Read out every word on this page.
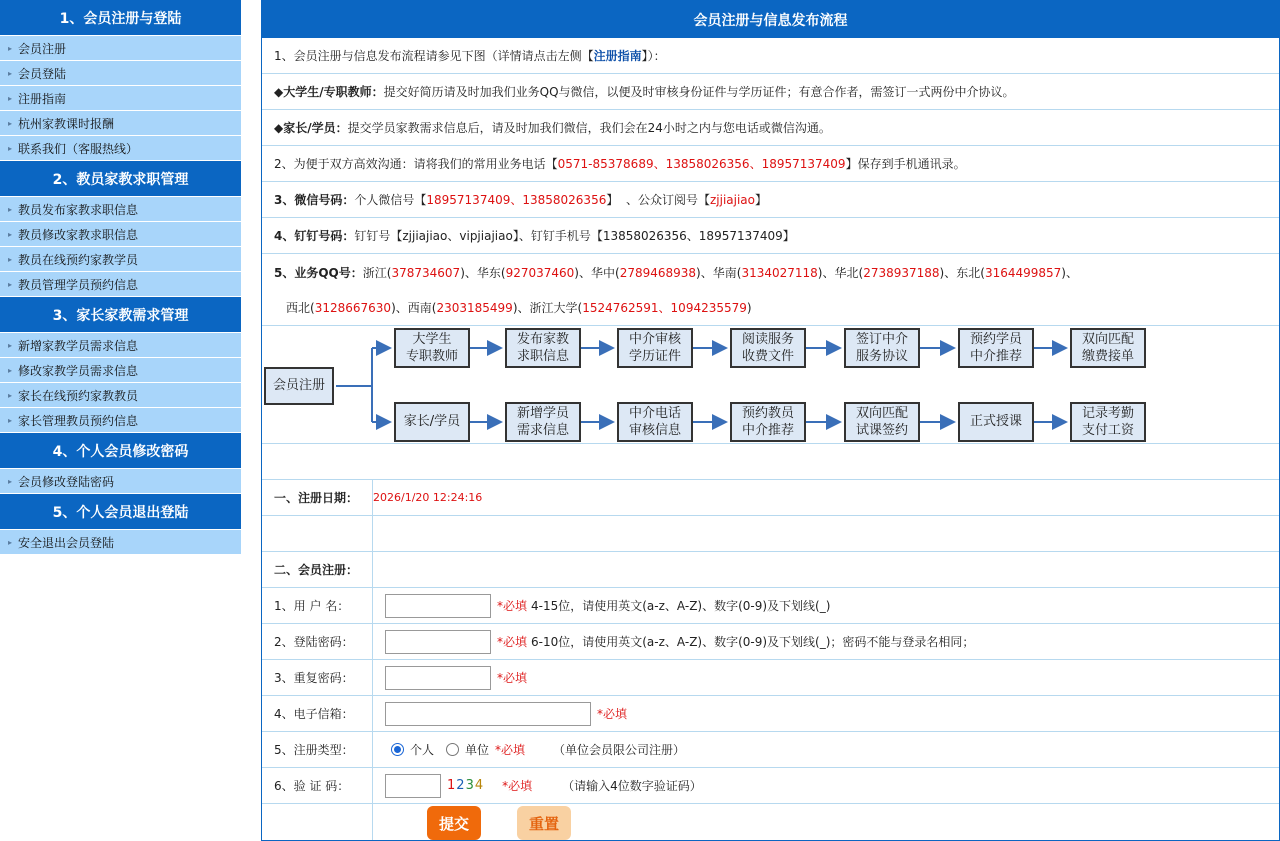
1、会员注册与登陆
▸ 会员注册
▸ 会员登陆
▸ 注册指南
▸ 杭州家教课时报酬
▸ 联系我们（客服热线）
2、教员家教求职管理
▸ 教员发布家教求职信息
▸ 教员修改家教求职信息
▸ 教员在线预约家教学员
▸ 教员管理学员预约信息
3、家长家教需求管理
▸ 新增家教学员需求信息
▸ 修改家教学员需求信息
▸ 家长在线预约家教教员
▸ 家长管理教员预约信息
4、个人会员修改密码
▸ 会员修改登陆密码
5、个人会员退出登陆
▸ 安全退出会员登陆
会员注册与信息发布流程
1、会员注册与信息发布流程请参见下图（详情请点击左侧【 注册指南 】）：
◆大学生/专职教师： 提交好简历请及时加我们业务QQ与微信，以便及时审核身份证件与学历证件；有意合作者，需签订一式两份中介协议。
◆家长/学员： 提交学员家教需求信息后，请及时加我们微信，我们会在24小时之内与您电话或微信沟通。
2、为便于双方高效沟通：请将我们的常用业务电话【 0571-85378689、13858026356、18957137409 】保存到手机通讯录。
3、微信号码： 个人微信号【 18957137409、13858026356 】  、公众订阅号【 zjjiajiao 】
4、钉钉号码： 钉钉号【zjjiajiao、vipjiajiao】、钉钉手机号【13858026356、18957137409】
5、业务QQ号： 浙江(378734607)、华东(927037460)、华中(2789468938)、华南(3134027118)、华北(2738937188)、东北(3164499857)、
西北(3128667630)、西南(2303185499)、浙江大学(1524762591、1094235579)
会员注册
大学生
专职教师
发布家教
求职信息
中介审核
学历证件
阅读服务
收费文件
签订中介
服务协议
预约学员
中介推荐
双向匹配
缴费接单
家长/学员
新增学员
需求信息
中介电话
审核信息
预约教员
中介推荐
双向匹配
试课签约
正式授课
记录考勤
支付工资
一、注册日期：	2026/1/20 12:24:16
二、会员注册：
1、用 户 名：	*必填 4-15位，请使用英文(a-z、A-Z)、数字(0-9)及下划线(_)
2、登陆密码：	*必填 6-10位，请使用英文(a-z、A-Z)、数字(0-9)及下划线(_)；密码不能与登录名相同；
3、重复密码：	*必填
4、电子信箱：	*必填
5、注册类型：	个人	单位 *必填 （单位会员限公司注册）
6、验 证 码：	1234 *必填	（请输入4位数字验证码）
提交	重置
